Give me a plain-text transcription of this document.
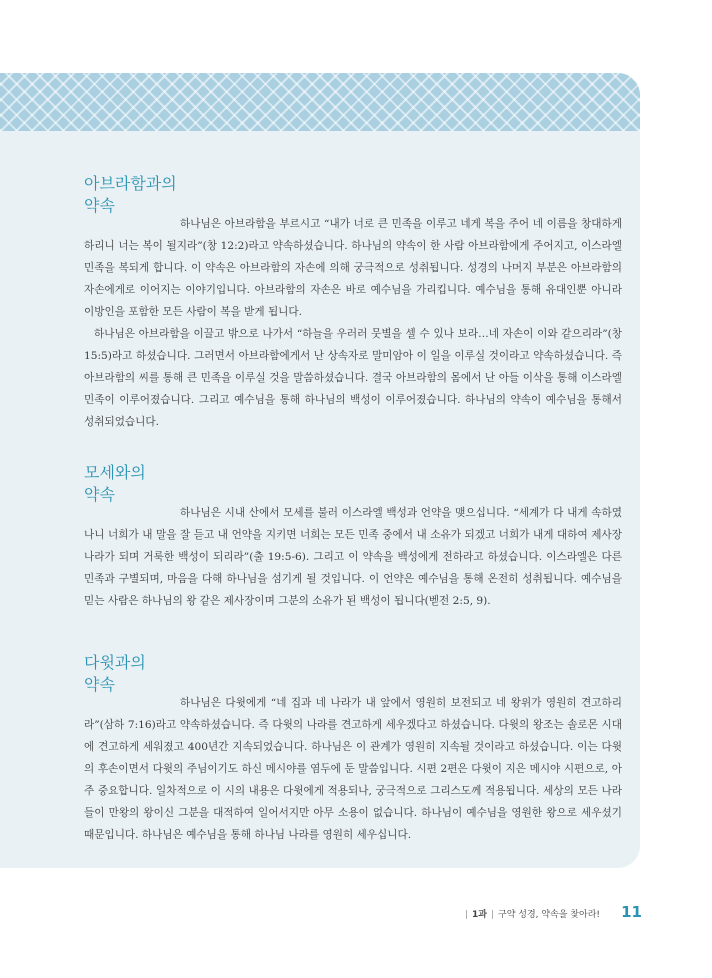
아브라함과의
약속

하나님은 아브라함을 부르시고 “내가 너로 큰 민족을 이루고 네게 복을 주어 네 이름을 창대하게 하리니 너는 복이 될지라”(창 12:2)라고 약속하셨습니다. 하나님의 약속이 한 사람 아브라함에게 주어지고, 이스라엘 민족을 복되게 합니다. 이 약속은 아브라함의 자손에 의해 궁극적으로 성취됩니다. 성경의 나머지 부분은 아브라함의 자손에게로 이어지는 이야기입니다. 아브라함의 자손은 바로 예수님을 가리킵니다. 예수님을 통해 유대인뿐 아니라 이방인을 포함한 모든 사람이 복을 받게 됩니다.

하나님은 아브라함을 이끌고 밖으로 나가서 “하늘을 우러러 뭇별을 셀 수 있나 보라…네 자손이 이와 같으리라”(창 15:5)라고 하셨습니다. 그러면서 아브라함에게서 난 상속자로 말미암아 이 일을 이루실 것이라고 약속하셨습니다. 즉 아브라함의 씨를 통해 큰 민족을 이루실 것을 말씀하셨습니다. 결국 아브라함의 몸에서 난 아들 이삭을 통해 이스라엘 민족이 이루어졌습니다. 그리고 예수님을 통해 하나님의 백성이 이루어졌습니다. 하나님의 약속이 예수님을 통해서 성취되었습니다.

모세와의
약속

하나님은 시내 산에서 모세를 불러 이스라엘 백성과 언약을 맺으십니다. “세계가 다 내게 속하였나니 너희가 내 말을 잘 듣고 내 언약을 지키면 너희는 모든 민족 중에서 내 소유가 되겠고 너희가 내게 대하여 제사장 나라가 되며 거룩한 백성이 되리라”(출 19:5-6). 그리고 이 약속을 백성에게 전하라고 하셨습니다. 이스라엘은 다른 민족과 구별되며, 마음을 다해 하나님을 섬기게 될 것입니다. 이 언약은 예수님을 통해 온전히 성취됩니다. 예수님을 믿는 사람은 하나님의 왕 같은 제사장이며 그분의 소유가 된 백성이 됩니다(벧전 2:5, 9).

다윗과의
약속

하나님은 다윗에게 “네 집과 네 나라가 내 앞에서 영원히 보전되고 네 왕위가 영원히 견고하리라”(삼하 7:16)라고 약속하셨습니다. 즉 다윗의 나라를 견고하게 세우겠다고 하셨습니다. 다윗의 왕조는 솔로몬 시대에 견고하게 세워졌고 400년간 지속되었습니다. 하나님은 이 관계가 영원히 지속될 것이라고 하셨습니다. 이는 다윗의 후손이면서 다윗의 주님이기도 하신 메시야를 염두에 둔 말씀입니다. 시편 2편은 다윗이 지은 메시야 시편으로, 아주 중요합니다. 일차적으로 이 시의 내용은 다윗에게 적용되나, 궁극적으로 그리스도께 적용됩니다. 세상의 모든 나라들이 만왕의 왕이신 그분을 대적하여 일어서지만 아무 소용이 없습니다. 하나님이 예수님을 영원한 왕으로 세우셨기 때문입니다. 하나님은 예수님을 통해 하나님 나라를 영원히 세우십니다.

| 1과 | 구약 성경, 약속을 찾아라! 11
